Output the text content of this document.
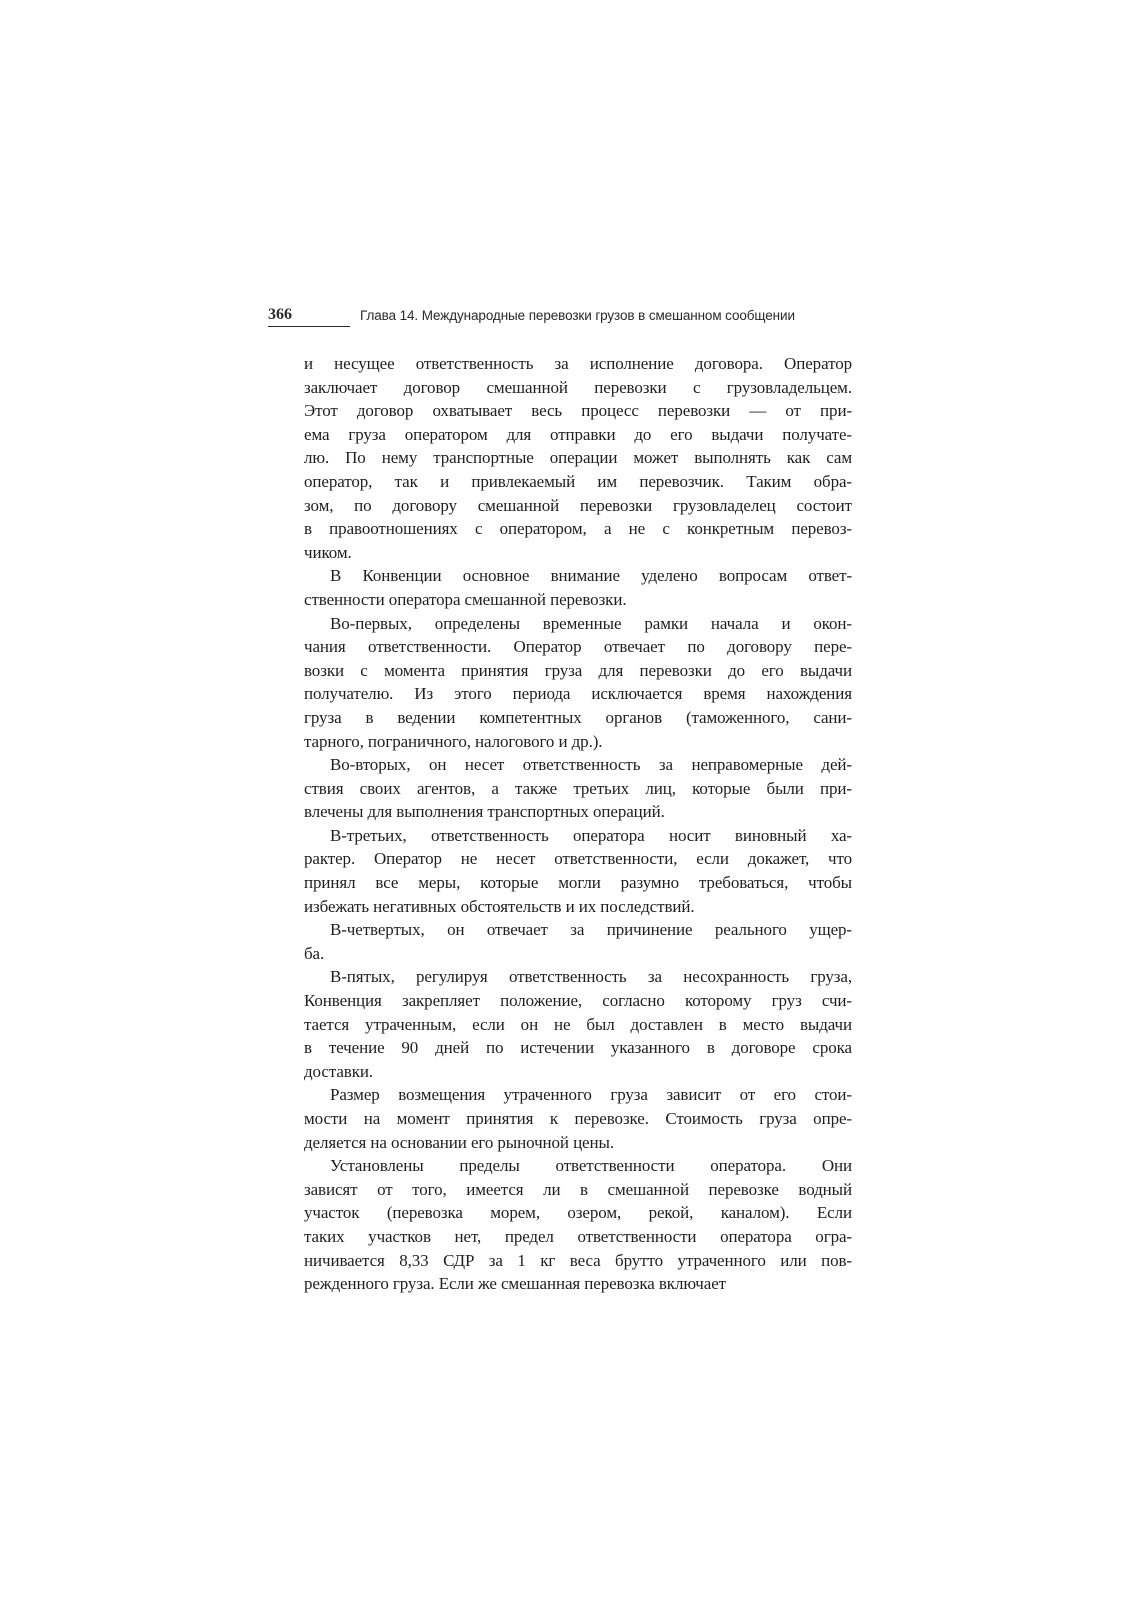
366	Глава 14. Международные перевозки грузов в смешанном сообщении
и несущее ответственность за исполнение договора. Оператор
заключает договор смешанной перевозки с грузовладельцем.
Этот договор охватывает весь процесс перевозки — от при-
ема груза оператором для отправки до его выдачи получате-
лю. По нему транспортные операции может выполнять как сам
оператор, так и привлекаемый им перевозчик. Таким обра-
зом, по договору смешанной перевозки грузовладелец состоит
в правоотношениях с оператором, а не с конкретным перевоз-
чиком.
В Конвенции основное внимание уделено вопросам ответ-
ственности оператора смешанной перевозки.
Во-первых, определены временные рамки начала и окон-
чания ответственности. Оператор отвечает по договору пере-
возки с момента принятия груза для перевозки до его выдачи
получателю. Из этого периода исключается время нахождения
груза в ведении компетентных органов (таможенного, сани-
тарного, пограничного, налогового и др.).
Во-вторых, он несет ответственность за неправомерные дей-
ствия своих агентов, а также третьих лиц, которые были при-
влечены для выполнения транспортных операций.
В-третьих, ответственность оператора носит виновный ха-
рактер. Оператор не несет ответственности, если докажет, что
принял все меры, которые могли разумно требоваться, чтобы
избежать негативных обстоятельств и их последствий.
В-четвертых, он отвечает за причинение реального ущер-
ба.
В-пятых, регулируя ответственность за несохранность груза,
Конвенция закрепляет положение, согласно которому груз счи-
тается утраченным, если он не был доставлен в место выдачи
в течение 90 дней по истечении указанного в договоре срока
доставки.
Размер возмещения утраченного груза зависит от его стои-
мости на момент принятия к перевозке. Стоимость груза опре-
деляется на основании его рыночной цены.
Установлены пределы ответственности оператора. Они
зависят от того, имеется ли в смешанной перевозке водный
участок (перевозка морем, озером, рекой, каналом). Если
таких участков нет, предел ответственности оператора огра-
ничивается 8,33 СДР за 1 кг веса брутто утраченного или пов-
режденного груза. Если же смешанная перевозка включает
